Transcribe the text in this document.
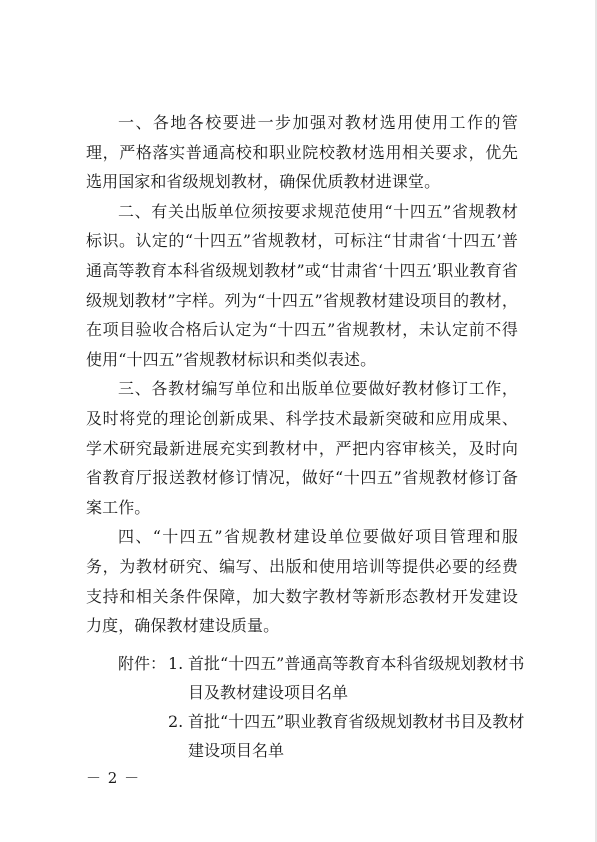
一、各地各校要进一步加强对教材选用使用工作的管理，严格落实普通高校和职业院校教材选用相关要求，优先选用国家和省级规划教材，确保优质教材进课堂。

二、有关出版单位须按要求规范使用“十四五”省规教材标识。认定的“十四五”省规教材，可标注“甘肃省‘十四五’普通高等教育本科省级规划教材”或“甘肃省‘十四五’职业教育省级规划教材”字样。列为“十四五”省规教材建设项目的教材，在项目验收合格后认定为“十四五”省规教材，未认定前不得使用“十四五”省规教材标识和类似表述。

三、各教材编写单位和出版单位要做好教材修订工作，及时将党的理论创新成果、科学技术最新突破和应用成果、学术研究最新进展充实到教材中，严把内容审核关，及时向省教育厅报送教材修订情况，做好“十四五”省规教材修订备案工作。

四、“十四五”省规教材建设单位要做好项目管理和服务，为教材研究、编写、出版和使用培训等提供必要的经费支持和相关条件保障，加大数字教材等新形态教材开发建设力度，确保教材建设质量。

附件： 1. 首批“十四五”普通高等教育本科省级规划教材书目及教材建设项目名单
2. 首批“十四五”职业教育省级规划教材书目及教材建设项目名单
－ 2 －
